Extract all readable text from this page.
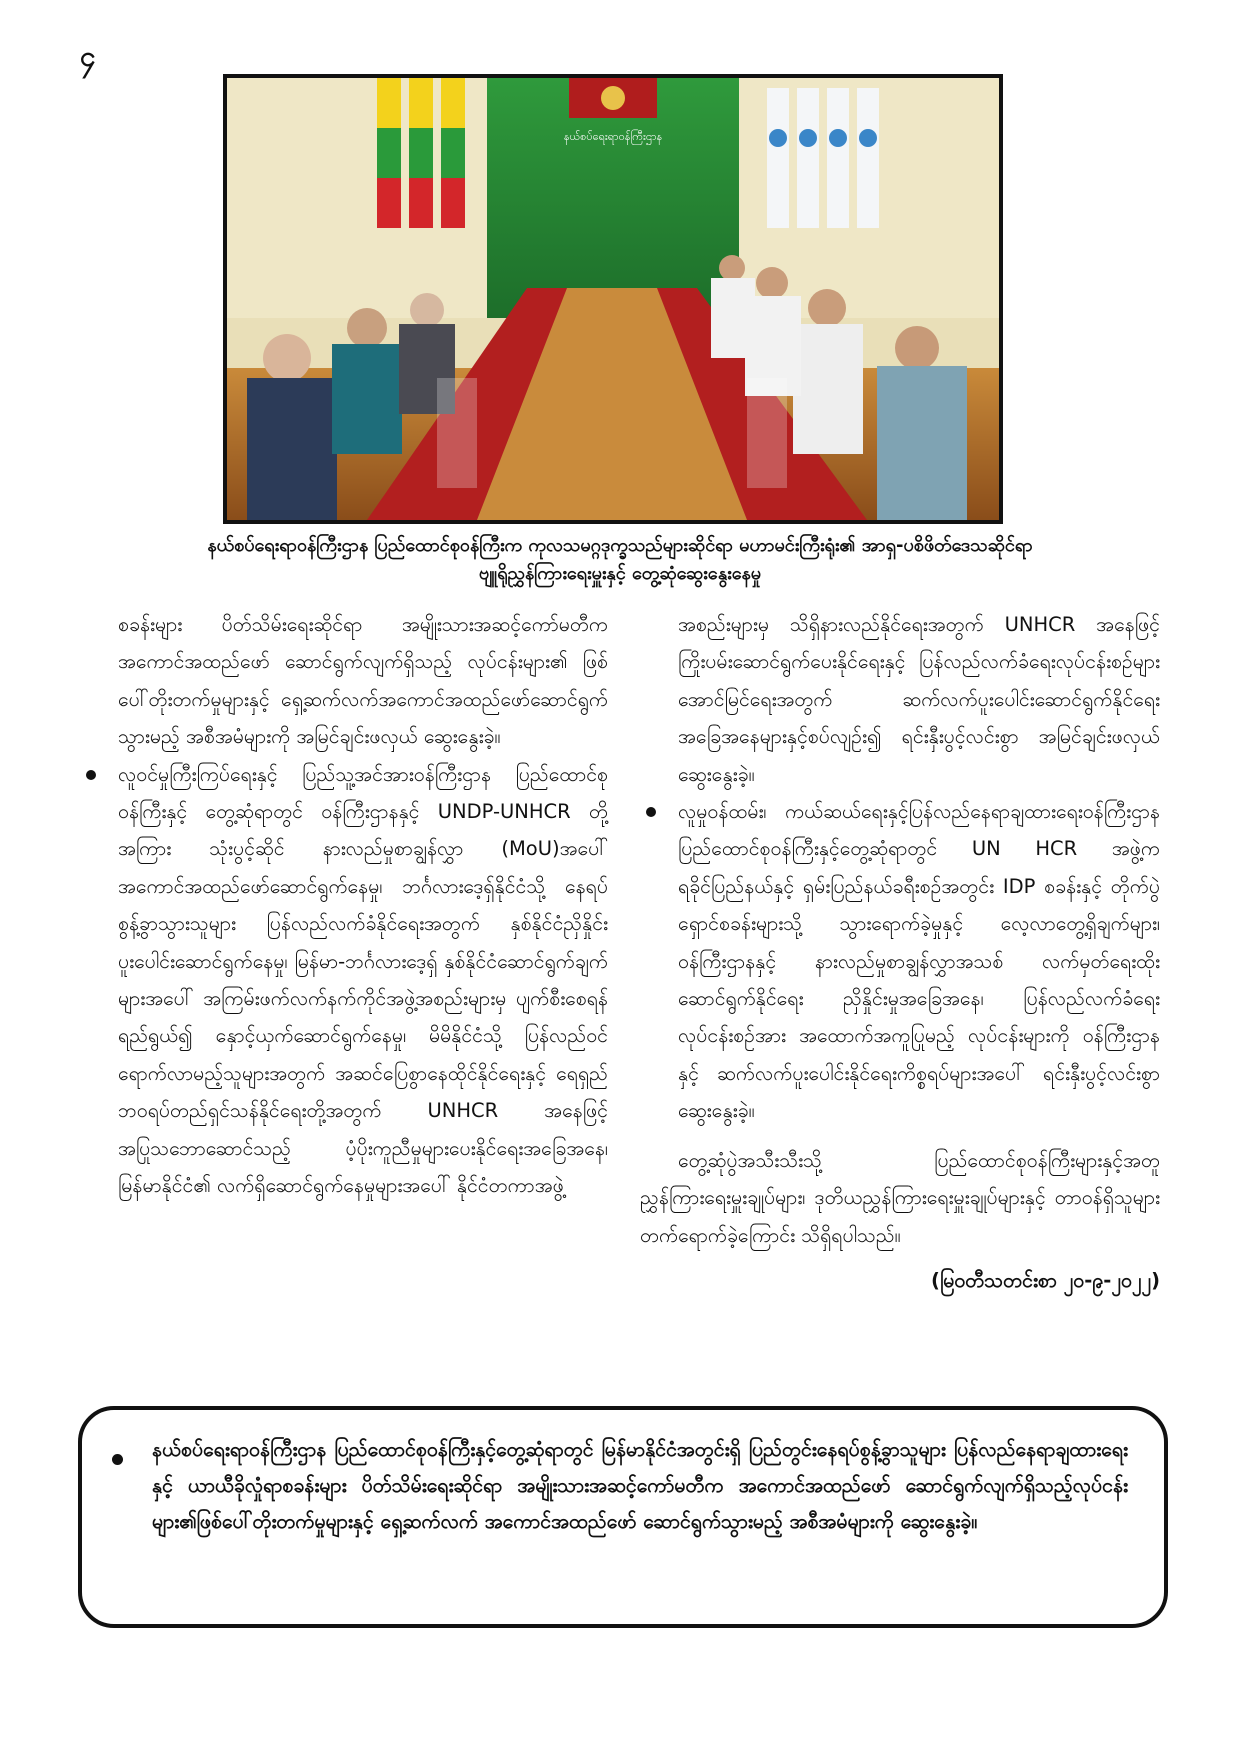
၄
နယ်စပ်ရေးရာဝန်ကြီးဌာန
နယ်စပ်ရေးရာဝန်ကြီးဌာန ပြည်ထောင်စုဝန်ကြီးက ကုလသမဂ္ဂဒုက္ခသည်များဆိုင်ရာ မဟာမင်းကြီးရုံး၏ အာရှ-ပစိဖိတ်ဒေသဆိုင်ရာ
ဗျူရိုညွှန်ကြားရေးမှူးနှင့် တွေ့ဆုံဆွေးနွေးနေမှု

စခန်းများ ပိတ်သိမ်းရေးဆိုင်ရာ အမျိုးသားအဆင့်ကော်မတီက အကောင်အထည်ဖော် ဆောင်ရွက်လျက်ရှိသည့် လုပ်ငန်းများ၏ ဖြစ်ပေါ်တိုးတက်မှုများနှင့် ရှေ့ဆက်လက်အကောင်အထည်ဖော်ဆောင်ရွက်သွားမည့် အစီအမံများကို အမြင်ချင်းဖလှယ် ဆွေးနွေးခဲ့။

လူဝင်မှုကြီးကြပ်ရေးနှင့် ပြည်သူ့အင်အားဝန်ကြီးဌာန ပြည်ထောင်စုဝန်ကြီးနှင့် တွေ့ဆုံရာတွင် ဝန်ကြီးဌာနနှင့် UNDP-UNHCR တို့အကြား သုံးပွင့်ဆိုင် နားလည်မှုစာချွန်လွှာ (MoU)အပေါ် အကောင်အထည်ဖော်ဆောင်ရွက်နေမှု၊ ဘင်္ဂလားဒေ့ရှ်နိုင်ငံသို့ နေရပ်စွန့်ခွာသွားသူများ ပြန်လည်လက်ခံနိုင်ရေးအတွက် နှစ်နိုင်ငံညှိနှိုင်းပူးပေါင်းဆောင်ရွက်နေမှု၊ မြန်မာ-ဘင်္ဂလားဒေ့ရှ် နှစ်နိုင်ငံဆောင်ရွက်ချက်များအပေါ် အကြမ်းဖက်လက်နက်ကိုင်အဖွဲ့အစည်းများမှ ပျက်စီးစေရန်ရည်ရွယ်၍ နှောင့်ယှက်ဆောင်ရွက်နေမှု၊ မိမိနိုင်ငံသို့ ပြန်လည်ဝင်ရောက်လာမည့်သူများအတွက် အဆင်ပြေစွာနေထိုင်နိုင်ရေးနှင့် ရေရှည်ဘဝရပ်တည်ရှင်သန်နိုင်ရေးတို့အတွက် UNHCR အနေဖြင့် အပြုသဘောဆောင်သည့် ပံ့ပိုးကူညီမှုများပေးနိုင်ရေးအခြေအနေ၊ မြန်မာနိုင်ငံ၏ လက်ရှိဆောင်ရွက်နေမှုများအပေါ် နိုင်ငံတကာအဖွဲ့

အစည်းများမှ သိရှိနားလည်နိုင်ရေးအတွက် UNHCR အနေဖြင့် ကြိုးပမ်းဆောင်ရွက်ပေးနိုင်ရေးနှင့် ပြန်လည်လက်ခံရေးလုပ်ငန်းစဉ်များ အောင်မြင်ရေးအတွက် ဆက်လက်ပူးပေါင်းဆောင်ရွက်နိုင်ရေး အခြေအနေများနှင့်စပ်လျဉ်း၍ ရင်းနှီးပွင့်လင်းစွာ အမြင်ချင်းဖလှယ် ဆွေးနွေးခဲ့။

လူမှုဝန်ထမ်း၊ ကယ်ဆယ်ရေးနှင့်ပြန်လည်နေရာချထားရေးဝန်ကြီးဌာန ပြည်ထောင်စုဝန်ကြီးနှင့်တွေ့ဆုံရာတွင် UN HCR အဖွဲ့က ရခိုင်ပြည်နယ်နှင့် ရှမ်းပြည်နယ်ခရီးစဉ်အတွင်း IDP စခန်းနှင့် တိုက်ပွဲရှောင်စခန်းများသို့ သွားရောက်ခဲ့မှုနှင့် လေ့လာတွေ့ရှိချက်များ၊ ဝန်ကြီးဌာနနှင့် နားလည်မှုစာချွန်လွှာအသစ် လက်မှတ်ရေးထိုးဆောင်ရွက်နိုင်ရေး ညှိနှိုင်းမှုအခြေအနေ၊ ပြန်လည်လက်ခံရေးလုပ်ငန်းစဉ်အား အထောက်အကူပြုမည့် လုပ်ငန်းများကို ဝန်ကြီးဌာနနှင့် ဆက်လက်ပူးပေါင်းနိုင်ရေးကိစ္စရပ်များအပေါ် ရင်းနှီးပွင့်လင်းစွာ ဆွေးနွေးခဲ့။

တွေ့ဆုံပွဲအသီးသီးသို့ ပြည်ထောင်စုဝန်ကြီးများနှင့်အတူ ညွှန်ကြားရေးမှူးချုပ်များ၊ ဒုတိယညွှန်ကြားရေးမှူးချုပ်များနှင့် တာဝန်ရှိသူများ တက်ရောက်ခဲ့ကြောင်း သိရှိရပါသည်။

(မြဝတီသတင်းစာ ၂၀-၉-၂၀၂၂)
နယ်စပ်ရေးရာဝန်ကြီးဌာန ပြည်ထောင်စုဝန်ကြီးနှင့်တွေ့ဆုံရာတွင် မြန်မာနိုင်ငံအတွင်းရှိ ပြည်တွင်းနေရပ်စွန့်ခွာသူများ ပြန်လည်နေရာချထားရေးနှင့် ယာယီခိုလှုံရာစခန်းများ ပိတ်သိမ်းရေးဆိုင်ရာ အမျိုးသားအဆင့်ကော်မတီက အကောင်အထည်ဖော် ဆောင်ရွက်လျက်ရှိသည့်လုပ်ငန်းများ၏ဖြစ်ပေါ်တိုးတက်မှုများနှင့် ရှေ့ဆက်လက် အကောင်အထည်ဖော် ဆောင်ရွက်သွားမည့် အစီအမံများကို ဆွေးနွေးခဲ့။
